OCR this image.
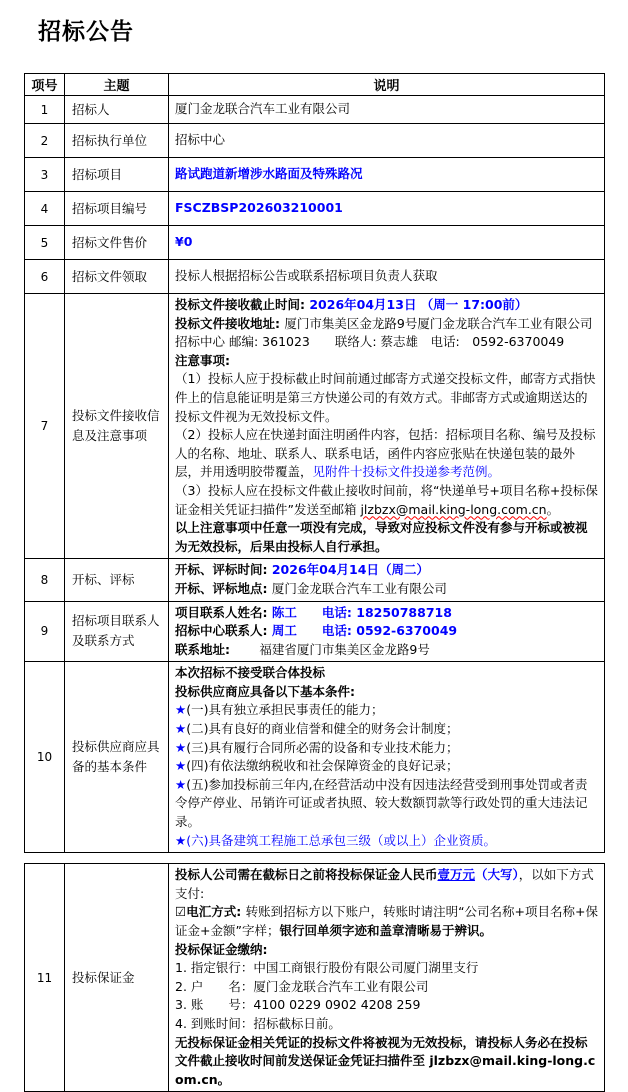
招标公告
项号	主题	说明
1	招标人	厦门金龙联合汽车工业有限公司

2	招标执行单位	招标中心

3	招标项目	路试跑道新增涉水路面及特殊路况

4	招标项目编号	FSCZBSP202603210001

5	招标文件售价	¥0

6	招标文件领取	投标人根据招标公告或联系招标项目负责人获取

7	投标文件接收信息及注意事项	
投标文件接收截止时间: 2026年04月13日 （周一 17:00前）
投标文件接收地址: 厦门市集美区金龙路9号厦门金龙联合汽车工业有限公司招标中心 邮编: 361023　　联络人: 蔡志雄　电话:　0592-6370049
注意事项:
（1）投标人应于投标截止时间前通过邮寄方式递交投标文件，邮寄方式指快件上的信息能证明是第三方快递公司的有效方式。非邮寄方式或逾期送达的投标文件视为无效投标文件。
（2）投标人应在快递封面注明函件内容，包括：招标项目名称、编号及投标人的名称、地址、联系人、联系电话，函件内容应张贴在快递包装的最外层，并用透明胶带覆盖，见附件十投标文件投递参考范例。
（3）投标人应在投标文件截止接收时间前，将“快递单号+项目名称+投标保证金相关凭证扫描件”发送至邮箱 jlzbzx@mail.king-long.com.cn。
以上注意事项中任意一项没有完成，导致对应投标文件没有参与开标或被视为无效投标，后果由投标人自行承担。

8	开标、评标	开标、评标时间: 2026年04月14日（周二）
开标、评标地点: 厦门金龙联合汽车工业有限公司

9	招标项目联系人及联系方式	项目联系人姓名: 陈工　　 电话: 18250788718
招标中心联系人: 周工　　 电话: 0592-6370049
联系地址: 　　福建省厦门市集美区金龙路9号

10	投标供应商应具备的基本条件	
本次招标不接受联合体投标
投标供应商应具备以下基本条件:
★(一)具有独立承担民事责任的能力；
★(二)具有良好的商业信誉和健全的财务会计制度；
★(三)具有履行合同所必需的设备和专业技术能力；
★(四)有依法缴纳税收和社会保障资金的良好记录；
★(五)参加投标前三年内,在经营活动中没有因违法经营受到刑事处罚或者责令停产停业、吊销许可证或者执照、较大数额罚款等行政处罚的重大违法记录。
★(六)具备建筑工程施工总承包三级（或以上）企业资质。
11	投标保证金	
投标人公司需在截标日之前将投标保证金人民币壹万元（大写），以如下方式支付:
☑电汇方式: 转账到招标方以下账户，转账时请注明“公司名称+项目名称+保证金+金额”字样；银行回单须字迹和盖章清晰易于辨识。
投标保证金缴纳:
1. 指定银行：中国工商银行股份有限公司厦门湖里支行
2. 户　　名：厦门金龙联合汽车工业有限公司
3. 账　　号：4100 0229 0902 4208 259
4. 到账时间：招标截标日前。
无投标保证金相关凭证的投标文件将被视为无效投标，请投标人务必在投标文件截止接收时间前发送保证金凭证扫描件至 jlzbzx@mail.king-long.com.cn。
